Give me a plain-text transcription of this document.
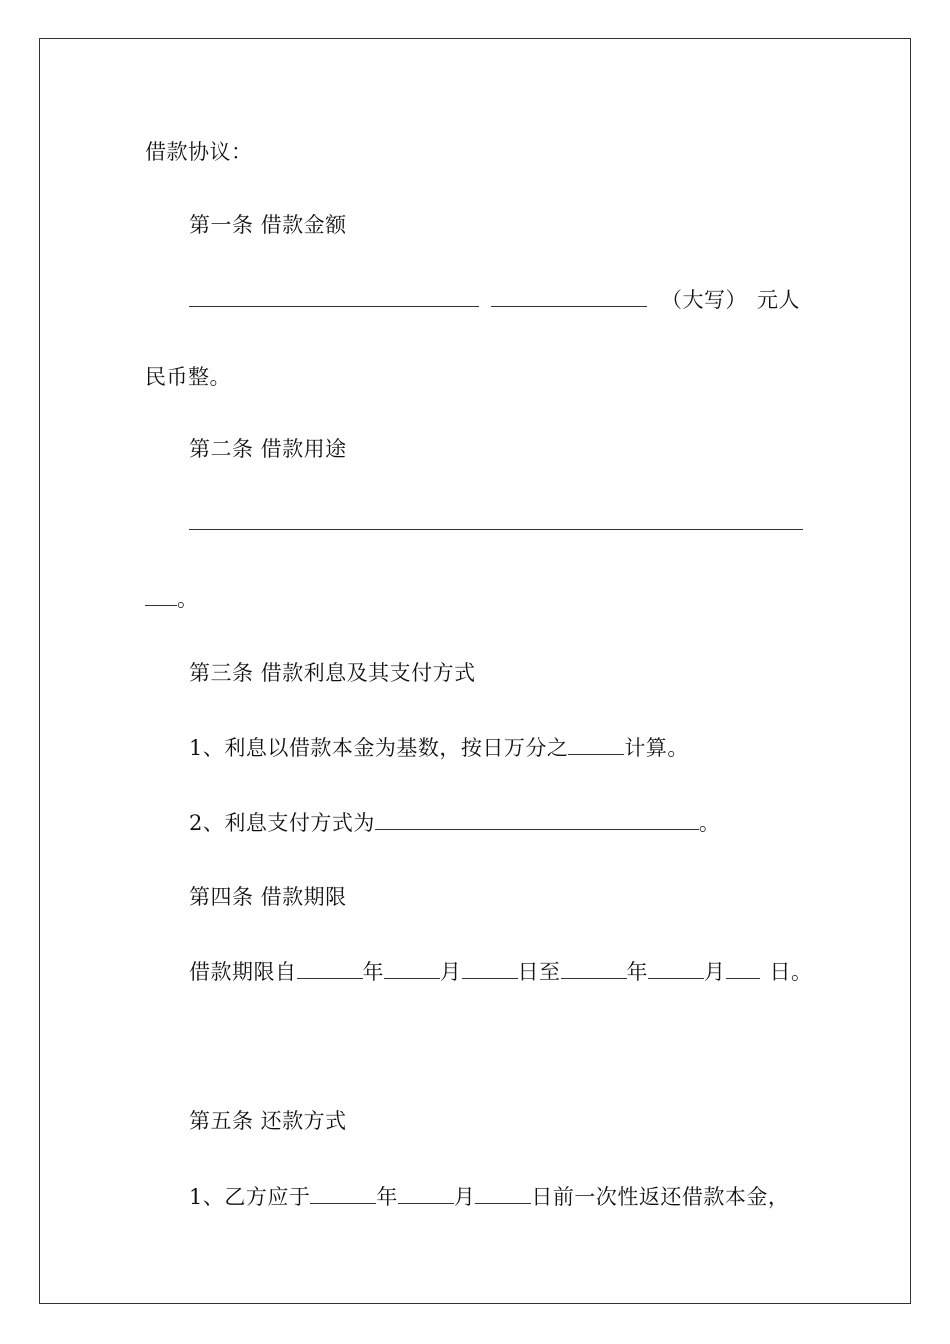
借款协议：
第一条 借款金额
（大写） 元人
民币整。
第二条 借款用途
。
第三条 借款利息及其支付方式
1、利息以借款本金为基数，按日万分之	计算。
2、利息支付方式为	。
第四条 借款期限
借款期限自	年	月	日至	年	月 日。
第五条 还款方式
1、乙方应于	年	月	日前一次性返还借款本金，
